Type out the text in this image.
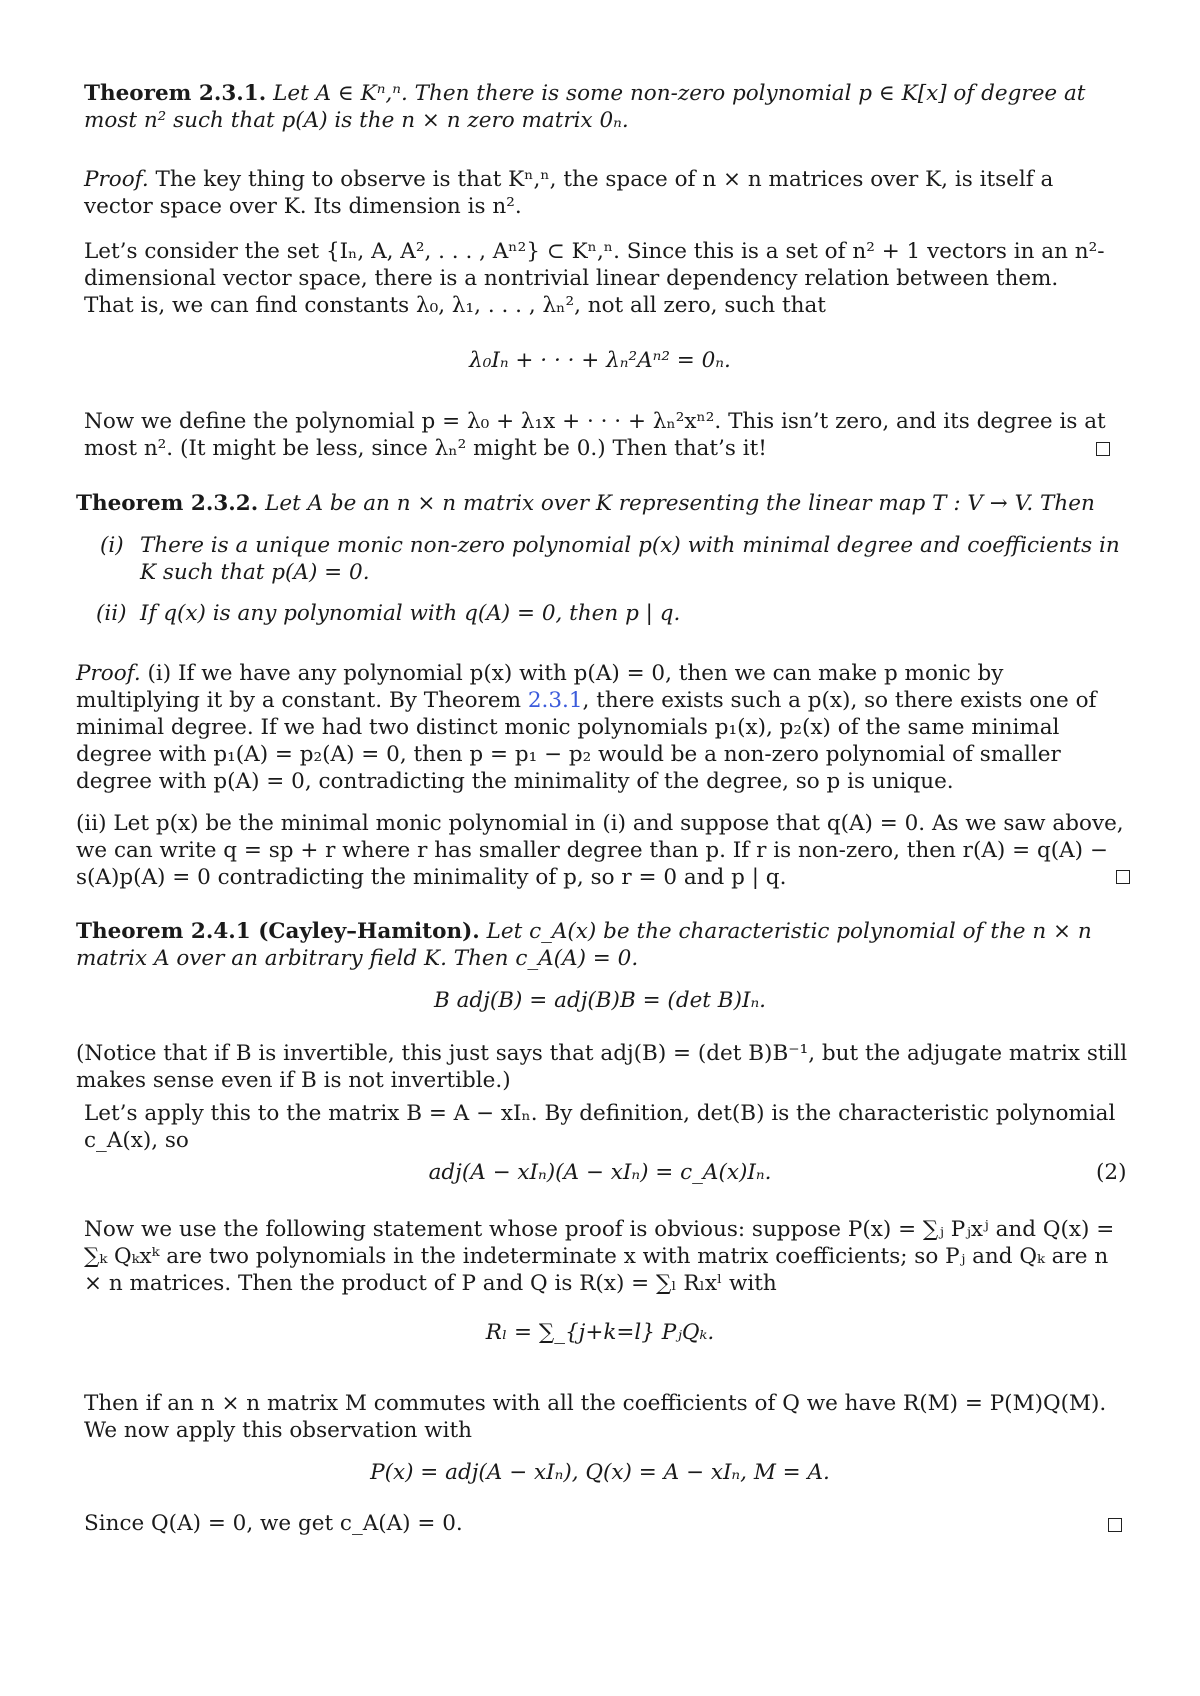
Theorem 2.3.1. Let A ∈ Kⁿ,ⁿ. Then there is some non-zero polynomial p ∈ K[x] of degree at most n² such that p(A) is the n × n zero matrix 0ₙ.
Proof. The key thing to observe is that Kⁿ,ⁿ, the space of n × n matrices over K, is itself a vector space over K. Its dimension is n².
Let’s consider the set {Iₙ, A, A², . . . , Aⁿ²} ⊂ Kⁿ,ⁿ. Since this is a set of n² + 1 vectors in an n²-dimensional vector space, there is a nontrivial linear dependency relation between them. That is, we can find constants λ₀, λ₁, . . . , λₙ², not all zero, such that
λ₀Iₙ + · · · + λₙ²Aⁿ² = 0ₙ.
Now we define the polynomial p = λ₀ + λ₁x + · · · + λₙ²xⁿ². This isn’t zero, and its degree is at most n². (It might be less, since λₙ² might be 0.) Then that’s it!
Theorem 2.3.2. Let A be an n × n matrix over K representing the linear map T : V → V. Then
(i) There is a unique monic non-zero polynomial p(x) with minimal degree and coefficients in K such that p(A) = 0.
(ii) If q(x) is any polynomial with q(A) = 0, then p | q.
Proof. (i) If we have any polynomial p(x) with p(A) = 0, then we can make p monic by multiplying it by a constant. By Theorem 2.3.1, there exists such a p(x), so there exists one of minimal degree. If we had two distinct monic polynomials p₁(x), p₂(x) of the same minimal degree with p₁(A) = p₂(A) = 0, then p = p₁ − p₂ would be a non-zero polynomial of smaller degree with p(A) = 0, contradicting the minimality of the degree, so p is unique.
(ii) Let p(x) be the minimal monic polynomial in (i) and suppose that q(A) = 0. As we saw above, we can write q = sp + r where r has smaller degree than p. If r is non-zero, then r(A) = q(A) − s(A)p(A) = 0 contradicting the minimality of p, so r = 0 and p | q.
Theorem 2.4.1 (Cayley–Hamiton). Let c_A(x) be the characteristic polynomial of the n × n matrix A over an arbitrary field K. Then c_A(A) = 0.
B adj(B) = adj(B)B = (det B)Iₙ.
(Notice that if B is invertible, this just says that adj(B) = (det B)B⁻¹, but the adjugate matrix still makes sense even if B is not invertible.)
Let’s apply this to the matrix B = A − xIₙ. By definition, det(B) is the characteristic polynomial c_A(x), so
adj(A − xIₙ)(A − xIₙ) = c_A(x)Iₙ.	(2)
Now we use the following statement whose proof is obvious: suppose P(x) = ∑ⱼ Pⱼxʲ and Q(x) = ∑ₖ Qₖxᵏ are two polynomials in the indeterminate x with matrix coefficients; so Pⱼ and Qₖ are n × n matrices. Then the product of P and Q is R(x) = ∑ₗ Rₗxˡ with
Rₗ = ∑_{j+k=l} PⱼQₖ.
Then if an n × n matrix M commutes with all the coefficients of Q we have R(M) = P(M)Q(M). We now apply this observation with
P(x) = adj(A − xIₙ), Q(x) = A − xIₙ, M = A.
Since Q(A) = 0, we get c_A(A) = 0.
